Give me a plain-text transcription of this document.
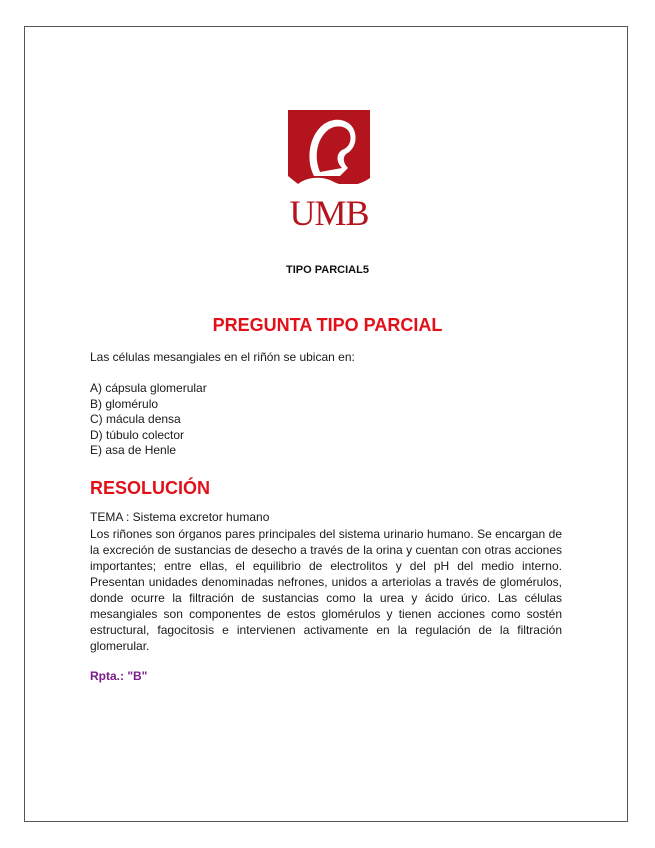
UMB

TIPO PARCIAL5

PREGUNTA TIPO PARCIAL

Las células mesangiales en el riñón se ubican en:

A) cápsula glomerular
B) glomérulo
C) mácula densa
D) túbulo colector
E) asa de Henle

RESOLUCIÓN

TEMA : Sistema excretor humano

Los riñones son órganos pares principales del sistema urinario humano. Se encargan de la excreción de sustancias de desecho a través de la orina y cuentan con otras acciones importantes; entre ellas, el equilibrio de electrolitos y del pH del medio interno. Presentan unidades denominadas nefrones, unidos a arteriolas a través de glomérulos, donde ocurre la filtración de sustancias como la urea y ácido úrico. Las células mesangiales son componentes de estos glomérulos y tienen acciones como sostén estructural, fagocitosis e intervienen activamente en la regulación de la filtración glomerular.

Rpta.: "B"
